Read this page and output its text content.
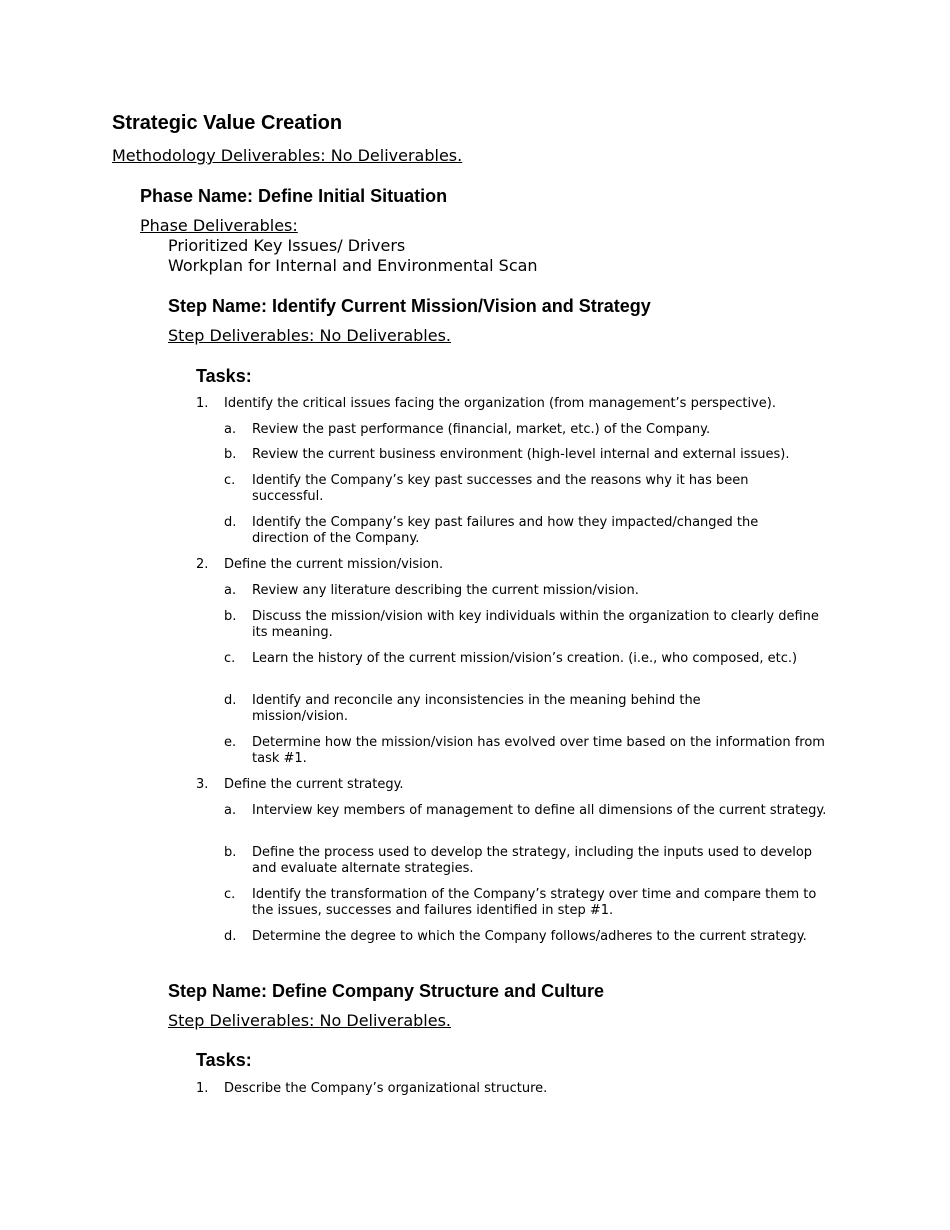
Strategic Value Creation
Methodology Deliverables: No Deliverables.
Phase Name: Define Initial Situation
Phase Deliverables:
Prioritized Key Issues/ Drivers
Workplan for Internal and Environmental Scan
Step Name: Identify Current Mission/Vision and Strategy
Step Deliverables: No Deliverables.
Tasks:
1. Identify the critical issues facing the organization (from management’s perspective).
a. Review the past performance (financial, market, etc.) of the Company.
b. Review the current business environment (high-level internal and external issues).
c. Identify the Company’s key past successes and the reasons why it has been successful.
d. Identify the Company’s key past failures and how they impacted/changed the direction of the Company.
2. Define the current mission/vision.
a. Review any literature describing the current mission/vision.
b. Discuss the mission/vision with key individuals within the organization to clearly define its meaning.
c. Learn the history of the current mission/vision’s creation. (i.e., who composed, etc.)
d. Identify and reconcile any inconsistencies in the meaning behind the mission/vision.
e. Determine how the mission/vision has evolved over time based on the information from task #1.
3. Define the current strategy.
a. Interview key members of management to define all dimensions of the current strategy.
b. Define the process used to develop the strategy, including the inputs used to develop and evaluate alternate strategies.
c. Identify the transformation of the Company’s strategy over time and compare them to the issues, successes and failures identified in step #1.
d. Determine the degree to which the Company follows/adheres to the current strategy.
Step Name: Define Company Structure and Culture
Step Deliverables: No Deliverables.
Tasks:
1. Describe the Company’s organizational structure.
